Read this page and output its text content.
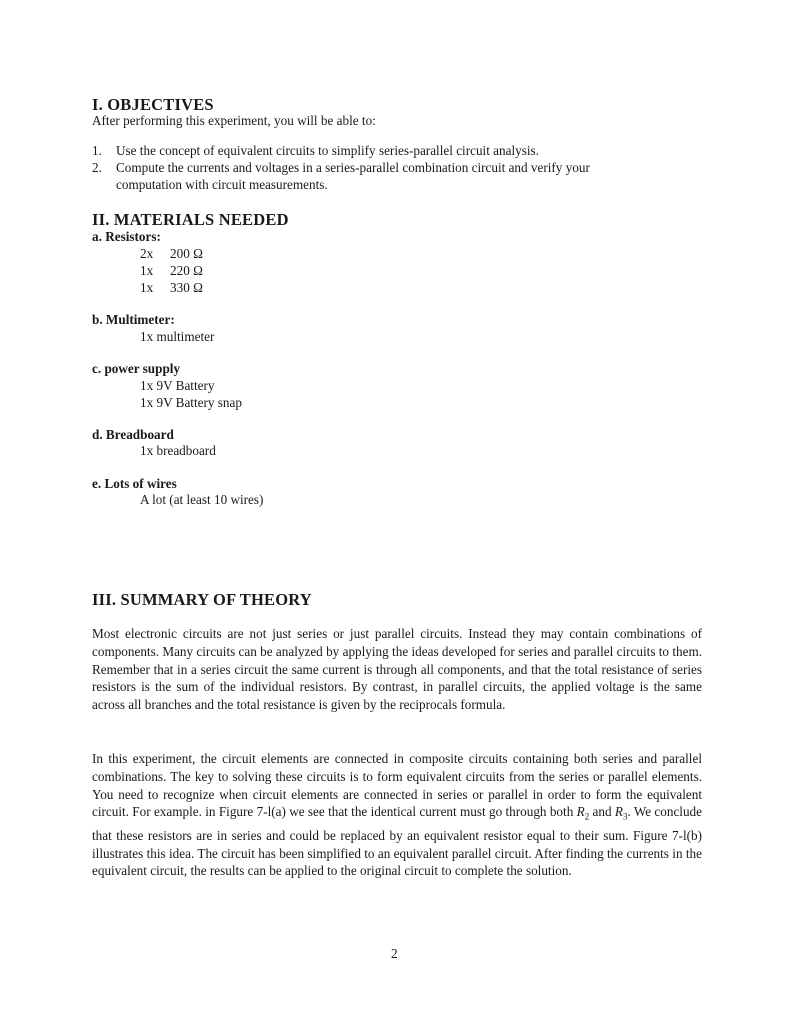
I. OBJECTIVES
After performing this experiment, you will be able to:
1. Use the concept of equivalent circuits to simplify series-parallel circuit analysis.
2. Compute the currents and voltages in a series-parallel combination circuit and verify your
computation with circuit measurements.
II. MATERIALS NEEDED
a. Resistors:
2x 200 Ω
1x 220 Ω
1x 330 Ω
b. Multimeter:
1x multimeter
c. power supply
1x 9V Battery
1x 9V Battery snap
d. Breadboard
1x breadboard
e. Lots of wires
A lot (at least 10 wires)
III. SUMMARY OF THEORY
Most electronic circuits are not just series or just parallel circuits. Instead they may contain combinations of components. Many circuits can be analyzed by applying the ideas developed for series and parallel circuits to them. Remember that in a series circuit the same current is through all components, and that the total resistance of series resistors is the sum of the individual resistors. By contrast, in parallel circuits, the applied voltage is the same across all branches and the total resistance is given by the reciprocals formula.
In this experiment, the circuit elements are connected in composite circuits containing both series and parallel combinations. The key to solving these circuits is to form equivalent circuits from the series or parallel elements. You need to recognize when circuit elements are connected in series or parallel in order to form the equivalent circuit. For example. in Figure 7-l(a) we see that the identical current must go through both $R_2$ and $R_3$. We conclude that these resistors are in series and could be replaced by an equivalent resistor equal to their sum. Figure 7-l(b) illustrates this idea. The circuit has been simplified to an equivalent parallel circuit. After finding the currents in the equivalent circuit, the results can be applied to the original circuit to complete the solution.
2
